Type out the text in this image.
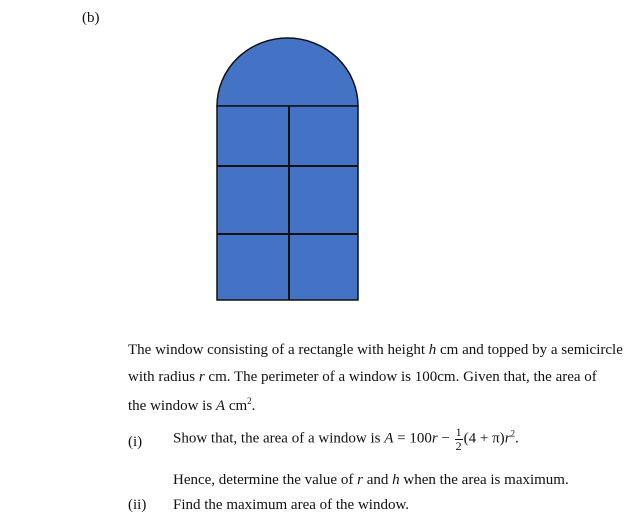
(b)
The window consisting of a rectangle with height h cm and topped by a semicircle
with radius r cm. The perimeter of a window is 100cm. Given that, the area of
the window is A $cm^2$.
(i) Show that, the area of a window is $A = 100r - \frac{1}{2} (4 + \pi)r^2$.
Hence, determine the value of r and h when the area is maximum.
(ii) Find the maximum area of the window.
